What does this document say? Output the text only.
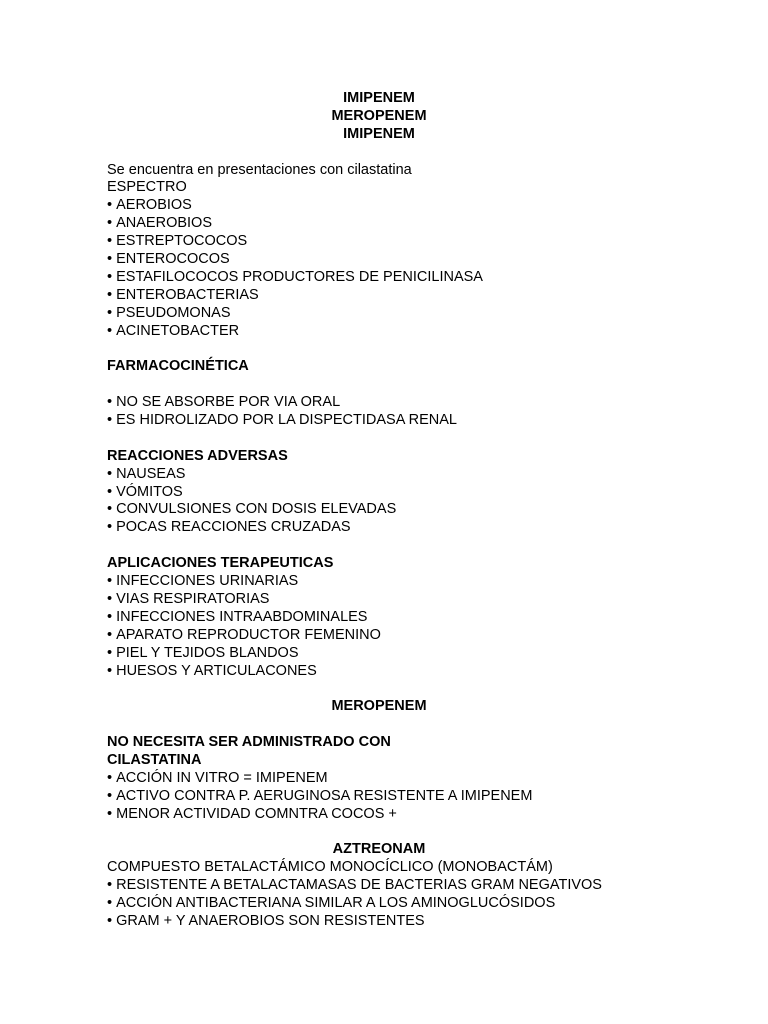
IMIPENEM
MEROPENEM
IMIPENEM
Se encuentra en presentaciones con cilastatina
ESPECTRO
• AEROBIOS
• ANAEROBIOS
• ESTREPTOCOCOS
• ENTEROCOCOS
• ESTAFILOCOCOS PRODUCTORES DE PENICILINASA
• ENTEROBACTERIAS
• PSEUDOMONAS
• ACINETOBACTER
FARMACOCINÉTICA
• NO SE ABSORBE POR VIA ORAL
• ES HIDROLIZADO POR LA DISPECTIDASA RENAL
REACCIONES ADVERSAS
• NAUSEAS
• VÓMITOS
• CONVULSIONES CON DOSIS ELEVADAS
• POCAS REACCIONES CRUZADAS
APLICACIONES TERAPEUTICAS
• INFECCIONES URINARIAS
• VIAS RESPIRATORIAS
• INFECCIONES INTRAABDOMINALES
• APARATO REPRODUCTOR FEMENINO
• PIEL Y TEJIDOS BLANDOS
• HUESOS Y ARTICULACONES
MEROPENEM
NO NECESITA SER ADMINISTRADO CON
CILASTATINA
• ACCIÓN IN VITRO = IMIPENEM
• ACTIVO CONTRA P. AERUGINOSA RESISTENTE A IMIPENEM
• MENOR ACTIVIDAD COMNTRA COCOS +
AZTREONAM
COMPUESTO BETALACTÁMICO MONOCÍCLICO (MONOBACTÁM)
• RESISTENTE A BETALACTAMASAS DE BACTERIAS GRAM NEGATIVOS
• ACCIÓN ANTIBACTERIANA SIMILAR A LOS AMINOGLUCÓSIDOS
• GRAM + Y ANAEROBIOS SON RESISTENTES
